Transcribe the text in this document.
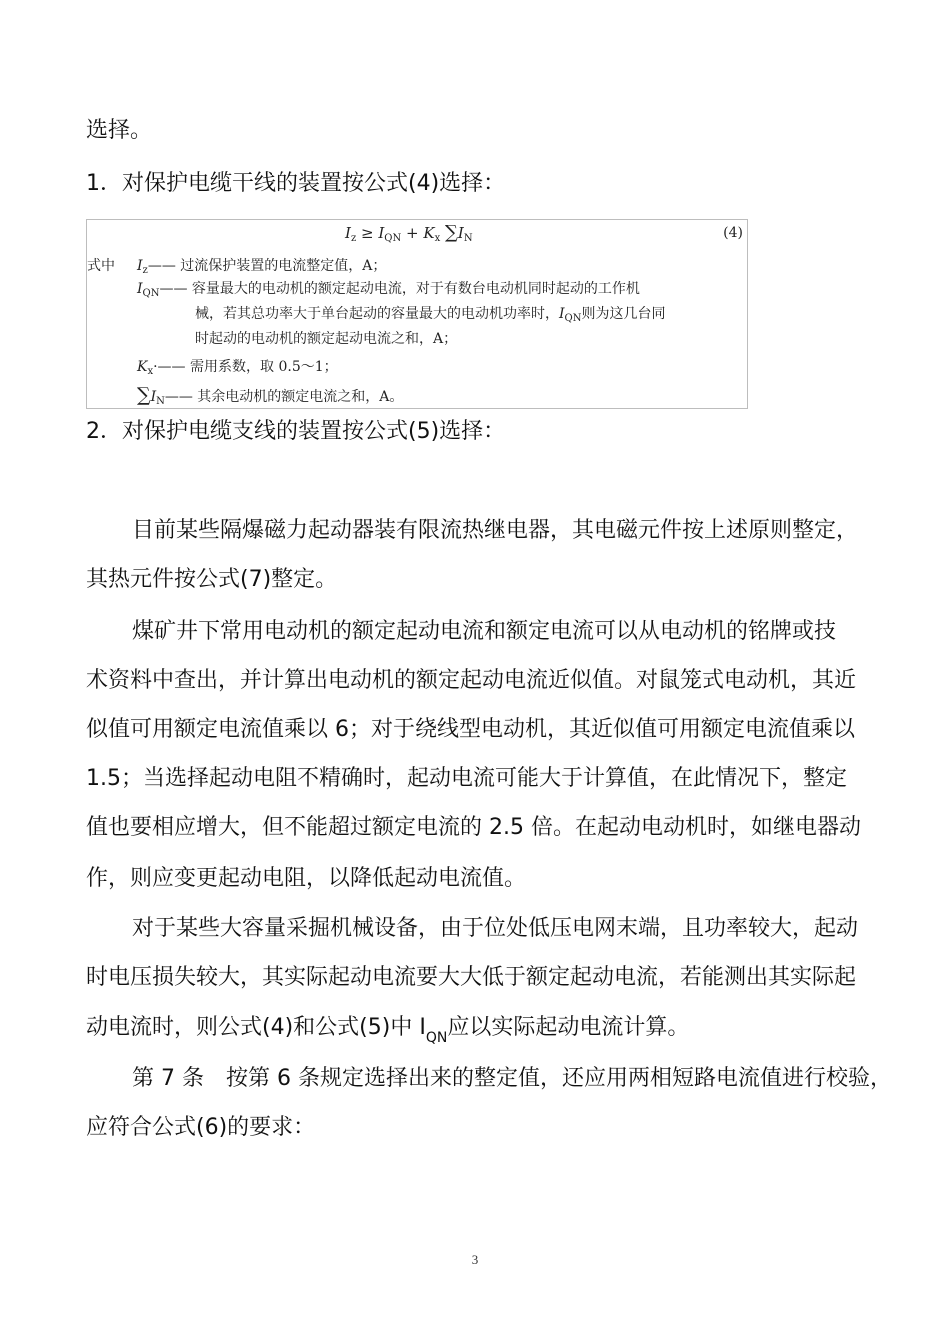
选择。
1．对保护电缆干线的装置按公式(4)选择：
$I_z \ge I_{QN} + K_x$ $\sum I_N$	(4)
式中 $I_z——$ 过流保护装置的电流整定值，A；
$I_{QN}——$ 容量最大的电动机的额定起动电流，对于有数台电动机同时起动的工作机
械，若其总功率大于单台起动的容量最大的电动机功率时，$I_{QN}$则为这几台同
时起动的电动机的额定起动电流之和，A；
$K_x\cdot——$ 需用系数，取 0.5～1；
$\sum I_N——$ 其余电动机的额定电流之和，A。
2．对保护电缆支线的装置按公式(5)选择：
目前某些隔爆磁力起动器装有限流热继电器，其电磁元件按上述原则整定，
其热元件按公式(7)整定。
煤矿井下常用电动机的额定起动电流和额定电流可以从电动机的铭牌或技
术资料中查出，并计算出电动机的额定起动电流近似值。对鼠笼式电动机，其近
似值可用额定电流值乘以 6；对于绕线型电动机，其近似值可用额定电流值乘以
1.5；当选择起动电阻不精确时，起动电流可能大于计算值，在此情况下，整定
值也要相应增大，但不能超过额定电流的 2.5 倍。在起动电动机时，如继电器动
作，则应变更起动电阻，以降低起动电流值。
对于某些大容量采掘机械设备，由于位处低压电网末端，且功率较大，起动
时电压损失较大，其实际起动电流要大大低于额定起动电流，若能测出其实际起
动电流时，则公式(4)和公式(5)中 $I_{QN}$应以实际起动电流计算。
第 7 条　按第 6 条规定选择出来的整定值，还应用两相短路电流值进行校验，
应符合公式(6)的要求：
3
